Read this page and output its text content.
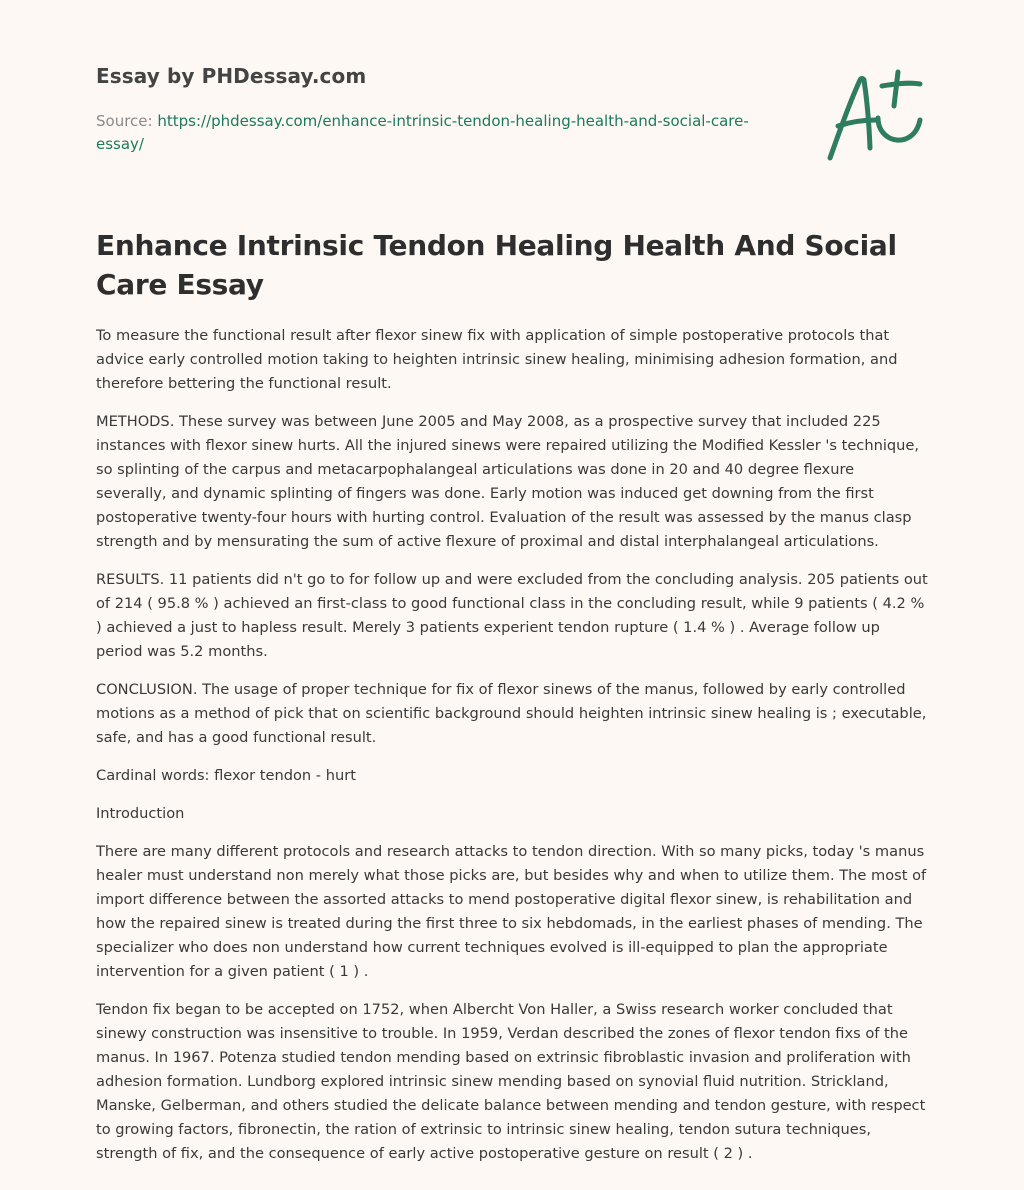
Essay by PHDessay.com
Source: https://phdessay.com/enhance-intrinsic-tendon-healing-health-and-social-care-essay/
Enhance Intrinsic Tendon Healing Health And Social Care Essay

To measure the functional result after flexor sinew fix with application of simple postoperative protocols that advice early controlled motion taking to heighten intrinsic sinew healing, minimising adhesion formation, and therefore bettering the functional result.

METHODS. These survey was between June 2005 and May 2008, as a prospective survey that included 225 instances with flexor sinew hurts. All the injured sinews were repaired utilizing the Modified Kessler 's technique, so splinting of the carpus and metacarpophalangeal articulations was done in 20 and 40 degree flexure severally, and dynamic splinting of fingers was done. Early motion was induced get downing from the first postoperative twenty-four hours with hurting control. Evaluation of the result was assessed by the manus clasp strength and by mensurating the sum of active flexure of proximal and distal interphalangeal articulations.

RESULTS. 11 patients did n't go to for follow up and were excluded from the concluding analysis. 205 patients out of 214 ( 95.8 % ) achieved an first-class to good functional class in the concluding result, while 9 patients ( 4.2 % ) achieved a just to hapless result. Merely 3 patients experient tendon rupture ( 1.4 % ) . Average follow up period was 5.2 months.

CONCLUSION. The usage of proper technique for fix of flexor sinews of the manus, followed by early controlled motions as a method of pick that on scientific background should heighten intrinsic sinew healing is ; executable, safe, and has a good functional result.

Cardinal words: flexor tendon - hurt

Introduction

There are many different protocols and research attacks to tendon direction. With so many picks, today 's manus healer must understand non merely what those picks are, but besides why and when to utilize them. The most of import difference between the assorted attacks to mend postoperative digital flexor sinew, is rehabilitation and how the repaired sinew is treated during the first three to six hebdomads, in the earliest phases of mending. The specializer who does non understand how current techniques evolved is ill-equipped to plan the appropriate intervention for a given patient ( 1 ) .

Tendon fix began to be accepted on 1752, when Albercht Von Haller, a Swiss research worker concluded that sinewy construction was insensitive to trouble. In 1959, Verdan described the zones of flexor tendon fixs of the manus. In 1967. Potenza studied tendon mending based on extrinsic fibroblastic invasion and proliferation with adhesion formation. Lundborg explored intrinsic sinew mending based on synovial fluid nutrition. Strickland, Manske, Gelberman, and others studied the delicate balance between mending and tendon gesture, with respect to growing factors, fibronectin, the ration of extrinsic to intrinsic sinew healing, tendon sutura techniques, strength of fix, and the consequence of early active postoperative gesture on result ( 2 ) .
